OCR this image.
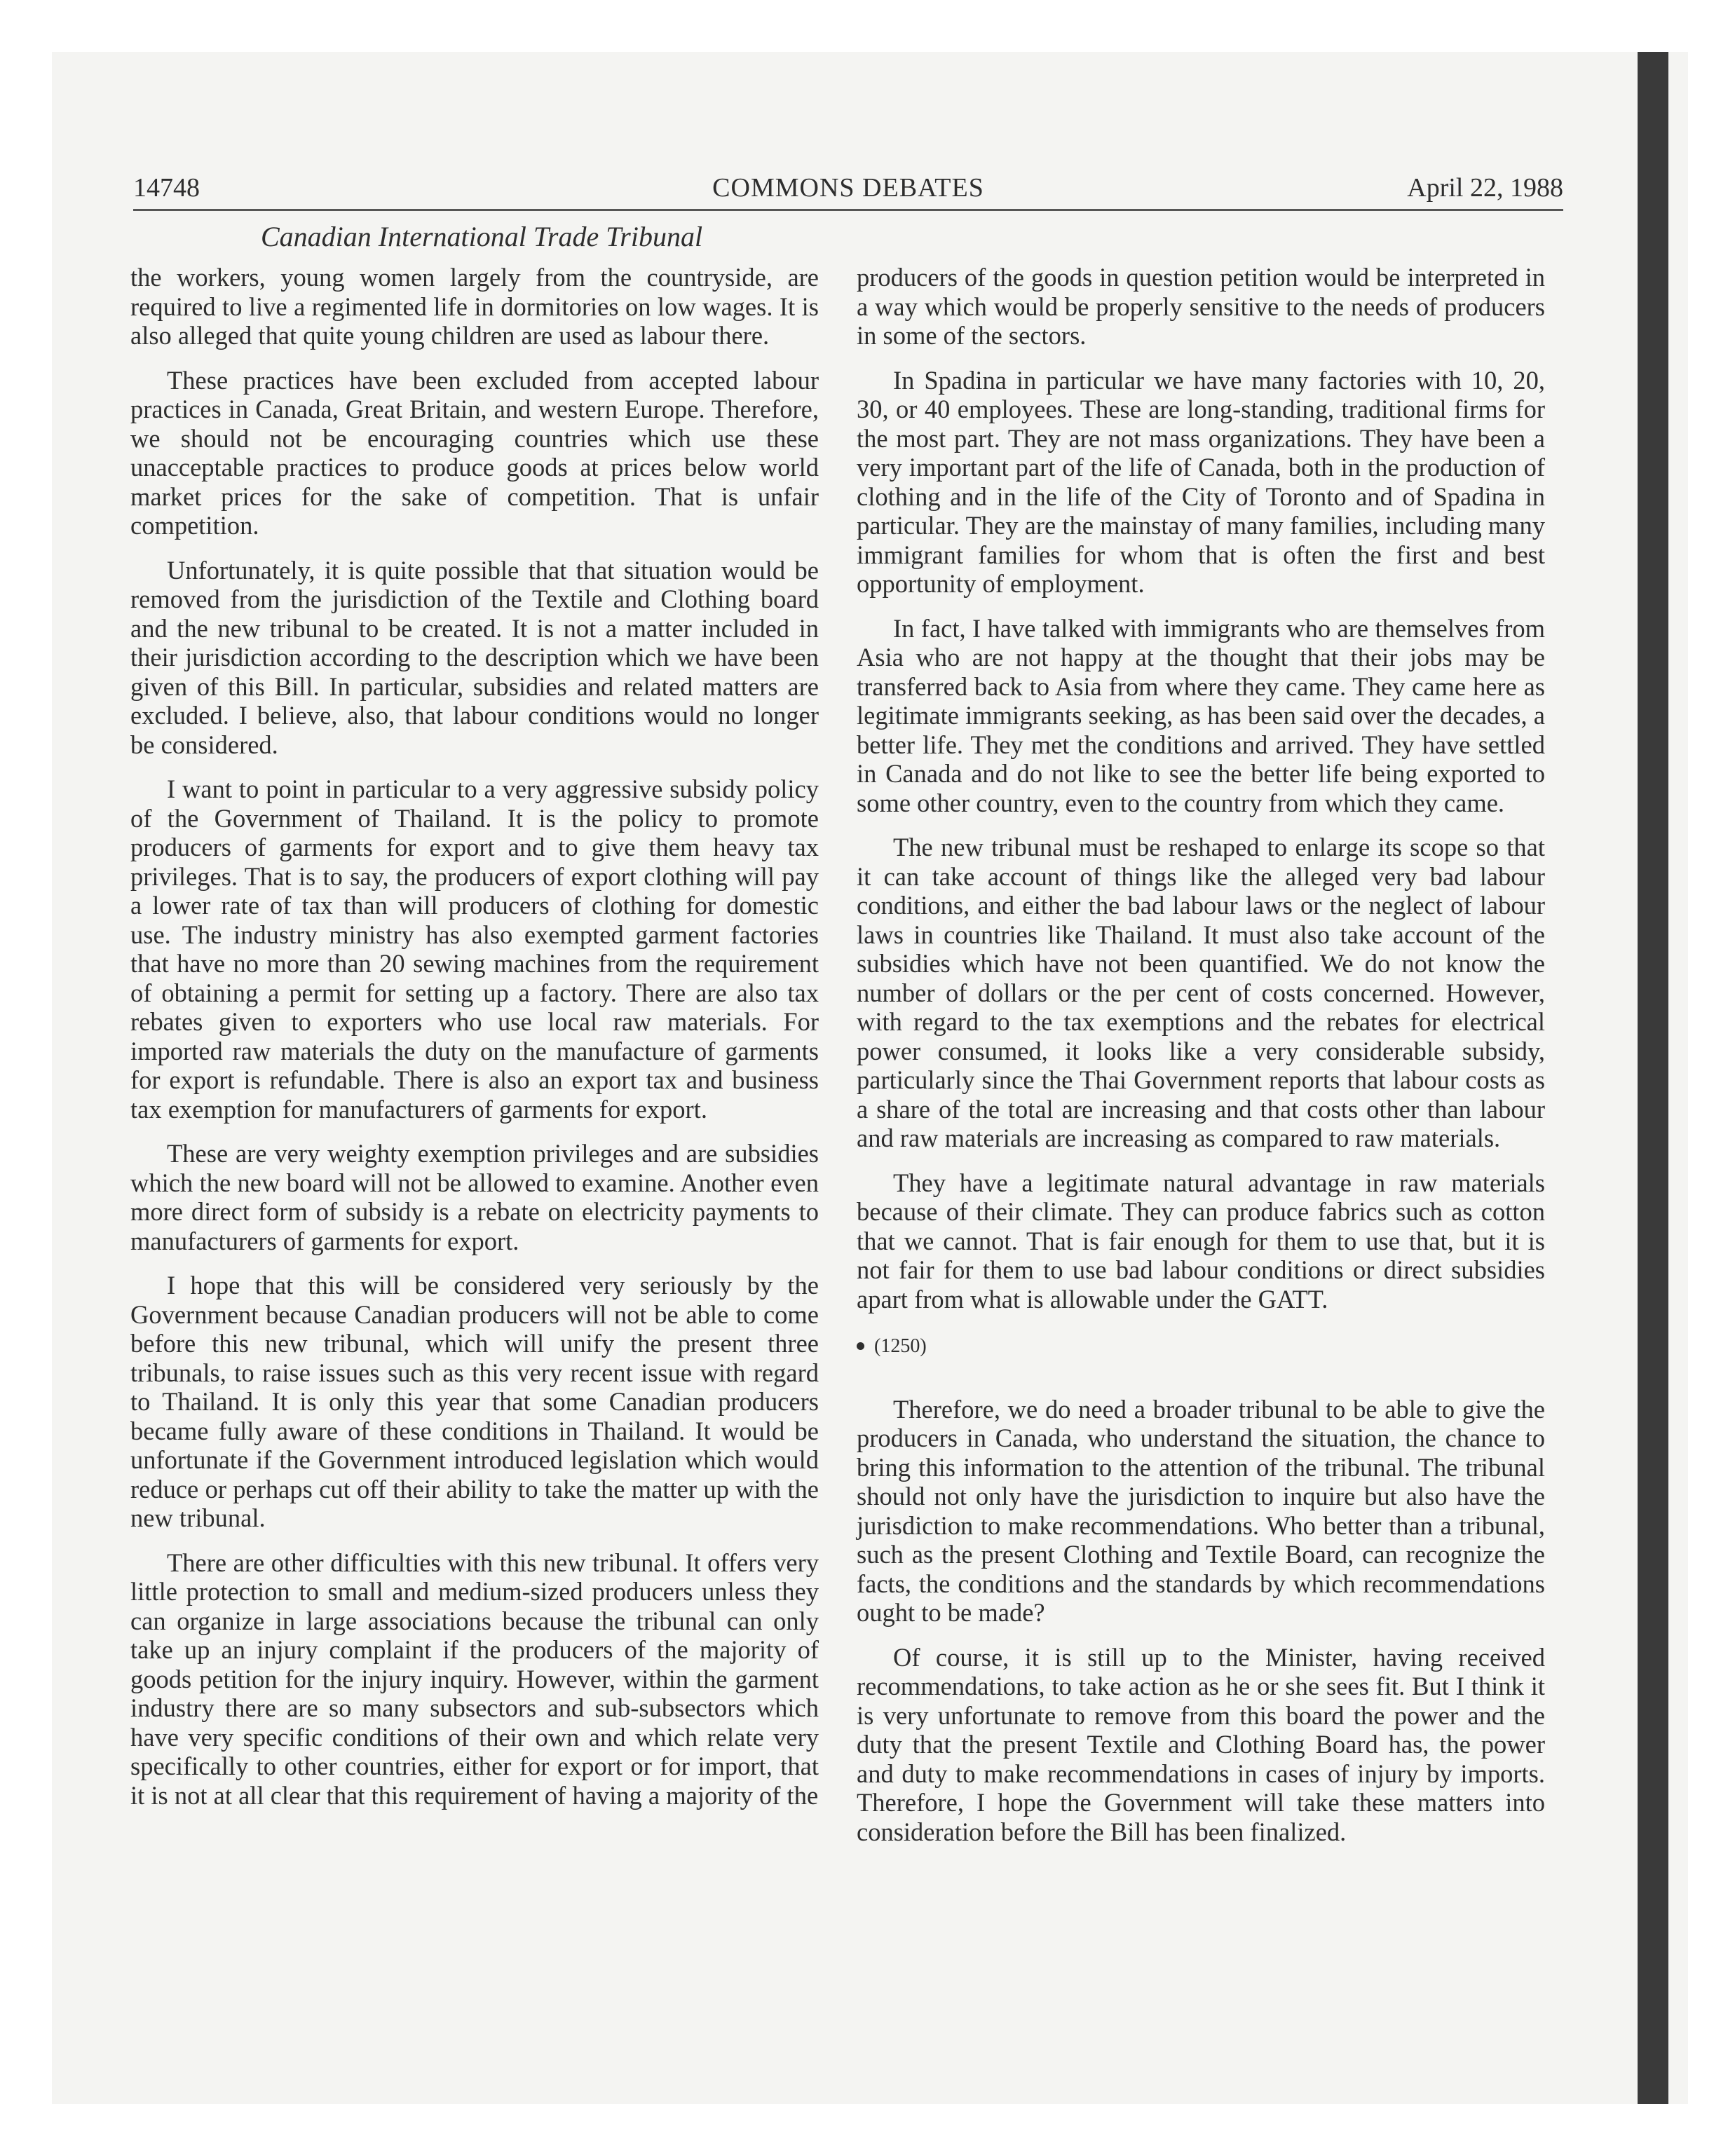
14748	COMMONS DEBATES	April 22, 1988
Canadian International Trade Tribunal

the workers, young women largely from the countryside, are required to live a regimented life in dormitories on low wages. It is also alleged that quite young children are used as labour there.

These practices have been excluded from accepted labour practices in Canada, Great Britain, and western Europe. Therefore, we should not be encouraging countries which use these unacceptable practices to produce goods at prices below world market prices for the sake of competition. That is unfair competition.

Unfortunately, it is quite possible that that situation would be removed from the jurisdiction of the Textile and Clothing board and the new tribunal to be created. It is not a matter included in their jurisdiction according to the description which we have been given of this Bill. In particular, subsidies and related matters are excluded. I believe, also, that labour conditions would no longer be considered.

I want to point in particular to a very aggressive subsidy policy of the Government of Thailand. It is the policy to promote producers of garments for export and to give them heavy tax privileges. That is to say, the producers of export clothing will pay a lower rate of tax than will producers of clothing for domestic use. The industry ministry has also exempted garment factories that have no more than 20 sewing machines from the requirement of obtaining a permit for setting up a factory. There are also tax rebates given to exporters who use local raw materials. For imported raw materials the duty on the manufacture of garments for export is refundable. There is also an export tax and business tax exemption for manufacturers of garments for export.

These are very weighty exemption privileges and are subsidies which the new board will not be allowed to examine. Another even more direct form of subsidy is a rebate on electricity payments to manufacturers of garments for export.

I hope that this will be considered very seriously by the Government because Canadian producers will not be able to come before this new tribunal, which will unify the present three tribunals, to raise issues such as this very recent issue with regard to Thailand. It is only this year that some Canadian producers became fully aware of these conditions in Thailand. It would be unfortunate if the Government introduced legislation which would reduce or perhaps cut off their ability to take the matter up with the new tribunal.

There are other difficulties with this new tribunal. It offers very little protection to small and medium-sized producers unless they can organize in large associations because the tribunal can only take up an injury complaint if the producers of the majority of goods petition for the injury inquiry. However, within the garment industry there are so many subsectors and sub-subsectors which have very specific conditions of their own and which relate very specifically to other countries, either for export or for import, that it is not at all clear that this requirement of having a majority of the

producers of the goods in question petition would be interpreted in a way which would be properly sensitive to the needs of producers in some of the sectors.

In Spadina in particular we have many factories with 10, 20, 30, or 40 employees. These are long-standing, traditional firms for the most part. They are not mass organizations. They have been a very important part of the life of Canada, both in the production of clothing and in the life of the City of Toronto and of Spadina in particular. They are the mainstay of many families, including many immigrant families for whom that is often the first and best opportunity of employment.

In fact, I have talked with immigrants who are themselves from Asia who are not happy at the thought that their jobs may be transferred back to Asia from where they came. They came here as legitimate immigrants seeking, as has been said over the decades, a better life. They met the conditions and arrived. They have settled in Canada and do not like to see the better life being exported to some other country, even to the country from which they came.

The new tribunal must be reshaped to enlarge its scope so that it can take account of things like the alleged very bad labour conditions, and either the bad labour laws or the neglect of labour laws in countries like Thailand. It must also take account of the subsidies which have not been quantified. We do not know the number of dollars or the per cent of costs concerned. However, with regard to the tax exemptions and the rebates for electrical power consumed, it looks like a very considerable subsidy, particularly since the Thai Government reports that labour costs as a share of the total are increasing and that costs other than labour and raw materials are increasing as compared to raw materials.

They have a legitimate natural advantage in raw materials because of their climate. They can produce fabrics such as cotton that we cannot. That is fair enough for them to use that, but it is not fair for them to use bad labour conditions or direct subsidies apart from what is allowable under the GATT.

(1250)

Therefore, we do need a broader tribunal to be able to give the producers in Canada, who understand the situation, the chance to bring this information to the attention of the tribunal. The tribunal should not only have the jurisdiction to inquire but also have the jurisdiction to make recommendations. Who better than a tribunal, such as the present Clothing and Textile Board, can recognize the facts, the conditions and the standards by which recommendations ought to be made?

Of course, it is still up to the Minister, having received recommendations, to take action as he or she sees fit. But I think it is very unfortunate to remove from this board the power and the duty that the present Textile and Clothing Board has, the power and duty to make recommendations in cases of injury by imports. Therefore, I hope the Government will take these matters into consideration before the Bill has been finalized.
